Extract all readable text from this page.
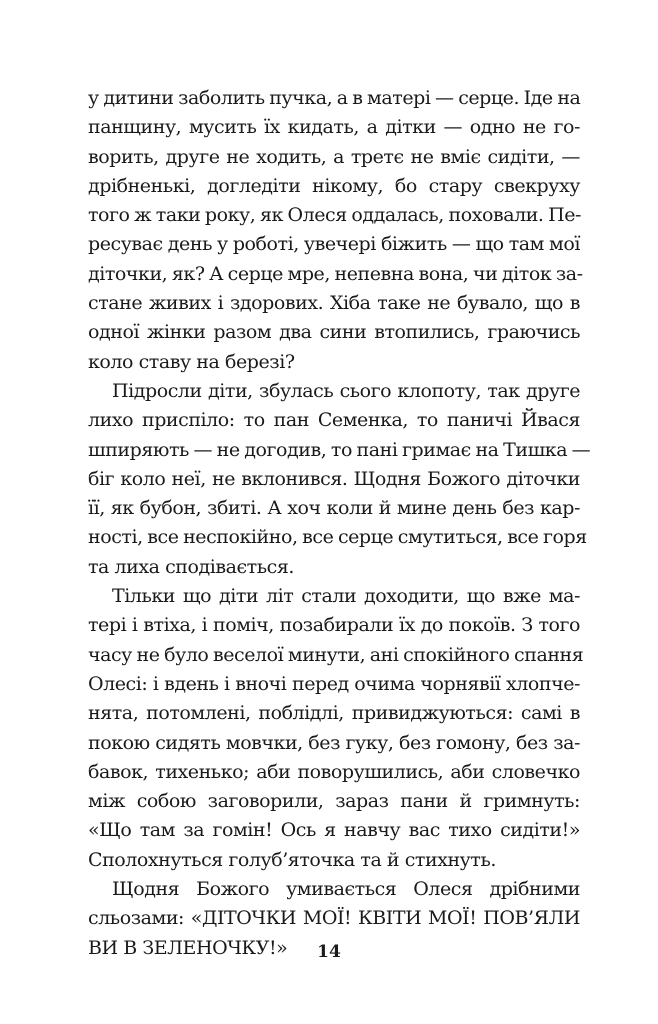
у дитини заболить пучка, а в матері — серце. Іде на
панщину, мусить їх кидать, а дітки — одно не го-
ворить, друге не ходить, а третє не вміє сидіти, —
дрібненькі, догледіти нікому, бо стару свекруху
того ж таки року, як Олеся оддалась, поховали. Пе-
ресуває день у роботі, увечері біжить — що там мої
діточки, як? А серце мре, непевна вона, чи діток за-
стане живих і здорових. Хіба таке не бувало, що в
одної жінки разом два сини втопились, граючись
коло ставу на березі?
Підросли діти, збулась сього клопоту, так друге
лихо приспіло: то пан Семенка, то паничі Йвася
шпиряють — не догодив, то пані гримає на Тишка —
біг коло неї, не вклонився. Щодня Божого діточки
її, як бубон, збиті. А хоч коли й мине день без кар-
ності, все неспокійно, все серце смутиться, все горя
та лиха сподівається.
Тільки що діти літ стали доходити, що вже ма-
тері і втіха, і поміч, позабирали їх до покоїв. З того
часу не було веселої минути, ані спокійного спання
Олесі: і вдень і вночі перед очима чорнявії хлопче-
нята, потомлені, поблідлі, привиджуються: самі в
покою сидять мовчки, без гуку, без гомону, без за-
бавок, тихенько; аби поворушились, аби словечко
між собою заговорили, зараз пани й гримнуть:
«Що там за гомін! Ось я навчу вас тихо сидіти!»
Сполохнуться голуб’яточка та й стихнуть.
Щодня Божого умивається Олеся дрібними
сльозами: «ДІТОЧКИ МОЇ! КВІТИ МОЇ! ПОВ’ЯЛИ
ВИ В ЗЕЛЕНОЧКУ!»	14
